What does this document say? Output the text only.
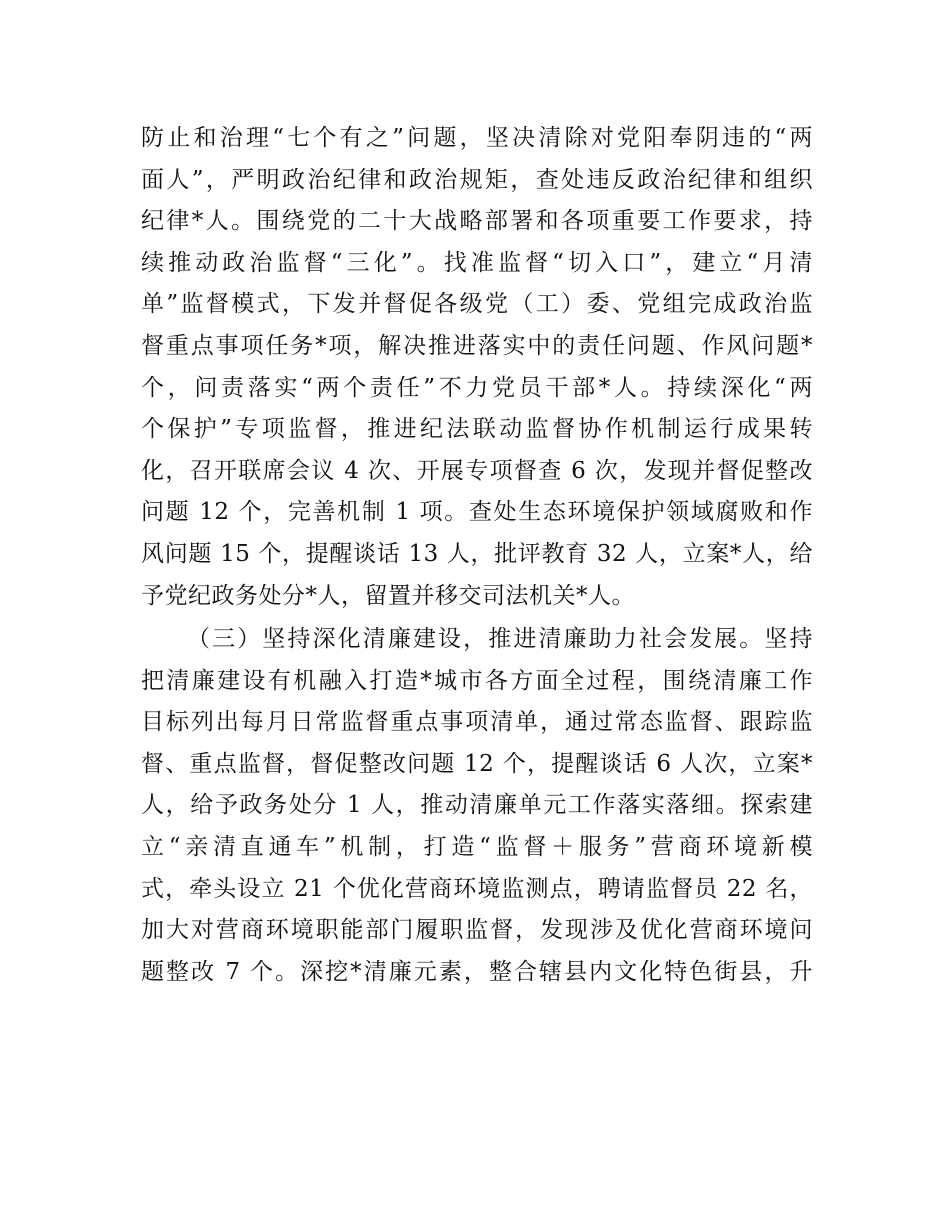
防止和治理“七个有之”问题，坚决清除对党阳奉阴违的“两
面人”，严明政治纪律和政治规矩，查处违反政治纪律和组织
纪律*人。围绕党的二十大战略部署和各项重要工作要求，持
续推动政治监督“三化”。找准监督“切入口”，建立“月清
单”监督模式，下发并督促各级党（工）委、党组完成政治监
督重点事项任务*项，解决推进落实中的责任问题、作风问题*
个，问责落实“两个责任”不力党员干部*人。持续深化“两
个保护”专项监督，推进纪法联动监督协作机制运行成果转
化，召开联席会议 4 次、开展专项督查 6 次，发现并督促整改
问题 12 个，完善机制 1 项。查处生态环境保护领域腐败和作
风问题 15 个，提醒谈话 13 人，批评教育 32 人，立案*人，给
予党纪政务处分*人，留置并移交司法机关*人。
（三）坚持深化清廉建设，推进清廉助力社会发展。坚持
把清廉建设有机融入打造*城市各方面全过程，围绕清廉工作
目标列出每月日常监督重点事项清单，通过常态监督、跟踪监
督、重点监督，督促整改问题 12 个，提醒谈话 6 人次，立案*
人，给予政务处分 1 人，推动清廉单元工作落实落细。探索建
立“亲清直通车”机制，打造“监督＋服务”营商环境新模
式，牵头设立 21 个优化营商环境监测点，聘请监督员 22 名，
加大对营商环境职能部门履职监督，发现涉及优化营商环境问
题整改 7 个。深挖*清廉元素，整合辖县内文化特色街县，升
